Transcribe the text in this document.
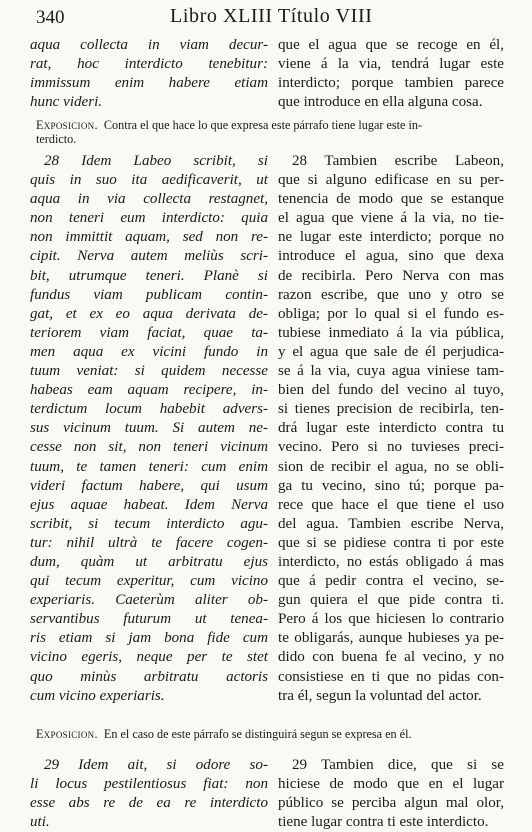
340	Libro XLIII Título VIII
aqua collecta in viam decur-
rat, hoc interdicto tenebitur:
immissum enim habere etiam
hunc videri.
que el agua que se recoge en él,
viene á la via, tendrá lugar este
interdicto; porque tambien parece
que introduce en ella alguna cosa.
Exposicion.  Contra el que hace lo que expresa este párrafo tiene lugar este in-
terdicto.
28 Idem Labeo scribit, si
quis in suo ita aedificaverit, ut
aqua in via collecta restagnet,
non teneri eum interdicto: quia
non immittit aquam, sed non re-
cipit. Nerva autem meliùs scri-
bit, utrumque teneri. Planè si
fundus viam publicam contin-
gat, et ex eo aqua derivata de-
teriorem viam faciat, quae ta-
men aqua ex vicini fundo in
tuum veniat: si quidem necesse
habeas eam aquam recipere, in-
terdictum locum habebit advers-
sus vicinum tuum. Si autem ne-
cesse non sit, non teneri vicinum
tuum, te tamen teneri: cum enim
videri factum habere, qui usum
ejus aquae habeat. Idem Nerva
scribit, si tecum interdicto agu-
tur: nihil ultrà te facere cogen-
dum, quàm ut arbitratu ejus
qui tecum experitur, cum vicino
experiaris. Caeterùm aliter ob-
servantibus futurum ut tenea-
ris etiam si jam bona fide cum
vicino egeris, neque per te stet
quo minùs arbitratu actoris
cum vicino experiaris.
28 Tambien escribe Labeon,
que si alguno edificase en su per-
tenencia de modo que se estanque
el agua que viene á la via, no tie-
ne lugar este interdicto; porque no
introduce el agua, sino que dexa
de recibirla. Pero Nerva con mas
razon escribe, que uno y otro se
obliga; por lo qual si el fundo es-
tubiese inmediato á la via pública,
y el agua que sale de él perjudica-
se á la via, cuya agua viniese tam-
bien del fundo del vecino al tuyo,
si tienes precision de recibirla, ten-
drá lugar este interdicto contra tu
vecino. Pero si no tuvieses preci-
sion de recibir el agua, no se obli-
ga tu vecino, sino tú; porque pa-
rece que hace el que tiene el uso
del agua. Tambien escribe Nerva,
que si se pidiese contra ti por este
interdicto, no estás obligado á mas
que á pedir contra el vecino, se-
gun quiera el que pide contra ti.
Pero á los que hiciesen lo contrario
te obligarás, aunque hubieses ya pe-
dido con buena fe al vecino, y no
consistiese en ti que no pidas con-
tra él, segun la voluntad del actor.
Exposicion.  En el caso de este párrafo se distinguirá segun se expresa en él.
29 Idem ait, si odore so-
li locus pestilentiosus fiat: non
esse abs re de ea re interdicto
uti.
29 Tambien dice, que si se
hiciese de modo que en el lugar
público se perciba algun mal olor,
tiene lugar contra ti este interdicto.
